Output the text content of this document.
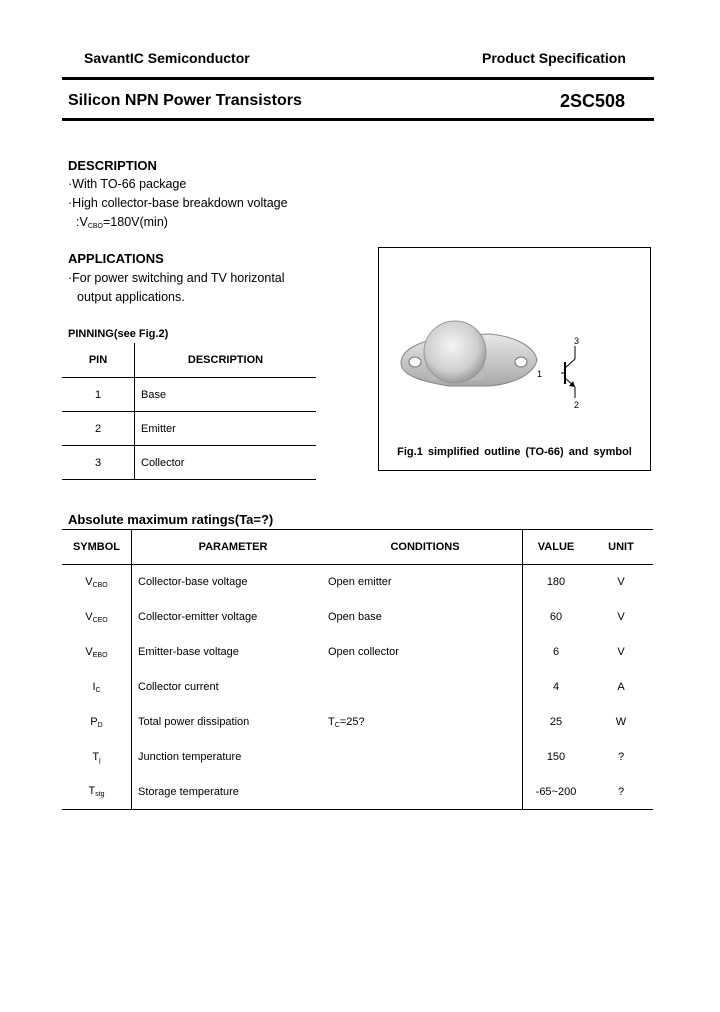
SavantIC Semiconductor	Product Specification
Silicon NPN Power Transistors	2SC508
DESCRIPTION
·With TO-66 package
·High collector-base breakdown voltage
$:V_{CBO}=180V(\min)$
APPLICATIONS
·For power switching and TV horizontal
output applications.
PINNING(see Fig.2)
PIN	DESCRIPTION
1	Base
2	Emitter
3	Collector
1
3
2
Fig.1 simplified outline (TO-66) and symbol
Absolute maximum ratings(Ta=?)
SYMBOL	PARAMETER	CONDITIONS	VALUE	UNIT
$V_{CBO}$	Collector-base voltage	Open emitter	180	V
$V_{CEO}$	Collector-emitter voltage	Open base	60	V
$V_{EBO}$	Emitter-base voltage	Open collector	6	V
$I_C$	Collector current		4	A
$P_D$	Total power dissipation	$T_C=25$?	25	W
$T_j$	Junction temperature		150	?
$T_{stg}$	Storage temperature		-65~200	?
